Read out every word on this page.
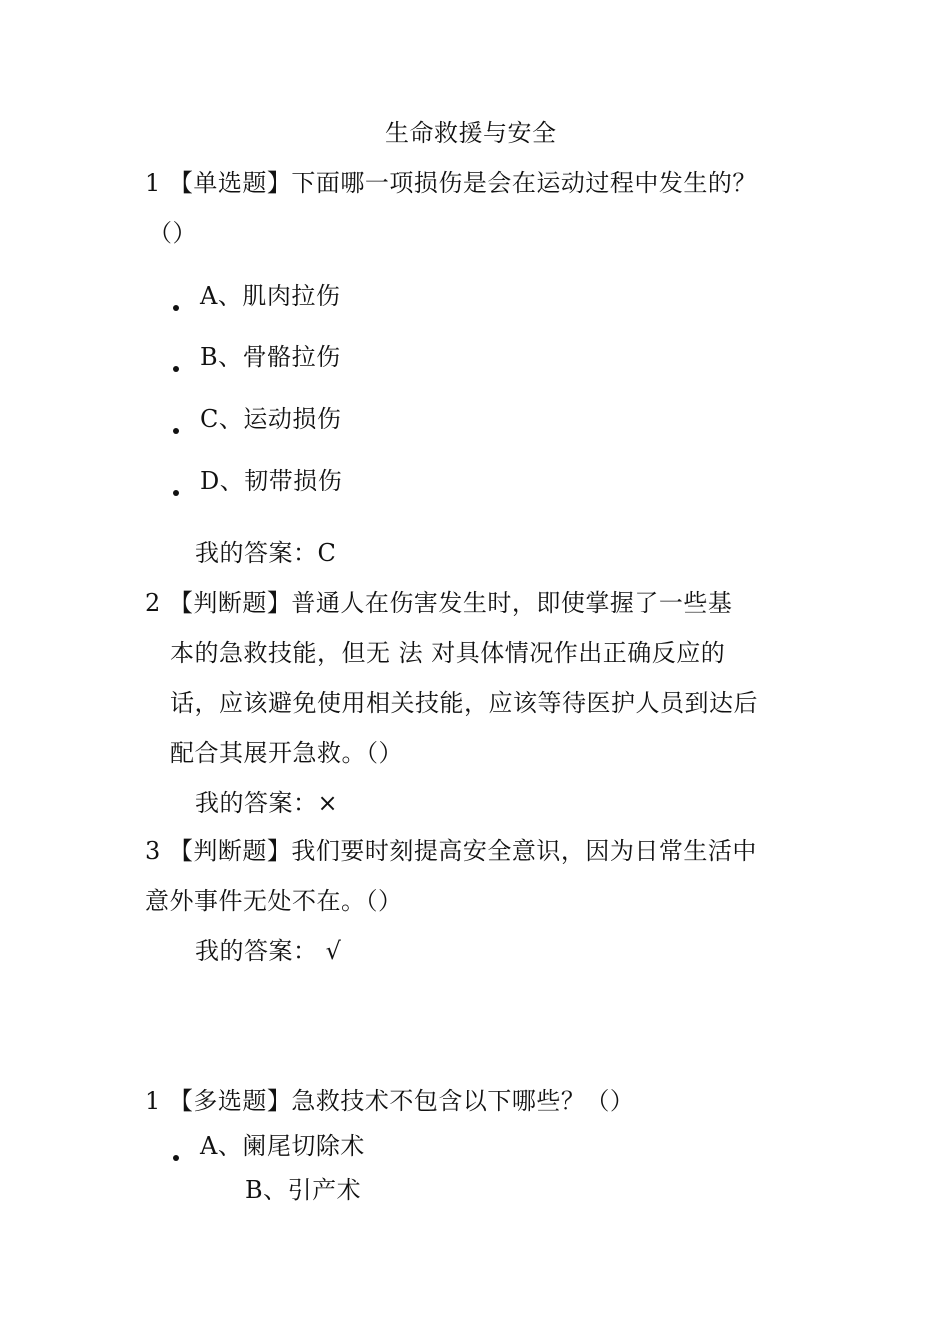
生命救援与安全
1 【单选题】下面哪一项损伤是会在运动过程中发生的？
（）
A、肌肉拉伤
B、骨骼拉伤
C、运动损伤
D、韧带损伤
我的答案：C
2 【判断题】普通人在伤害发生时，即使掌握了一些基
本的急救技能，但无 法 对具体情况作出正确反应的
话，应该避免使用相关技能，应该等待医护人员到达后
配合其展开急救。（）
我的答案：×
3 【判断题】我们要时刻提高安全意识，因为日常生活中
意外事件无处不在。（）
我的答案： √
1 【多选题】急救技术不包含以下哪些？（）
A、阑尾切除术
B、引产术
